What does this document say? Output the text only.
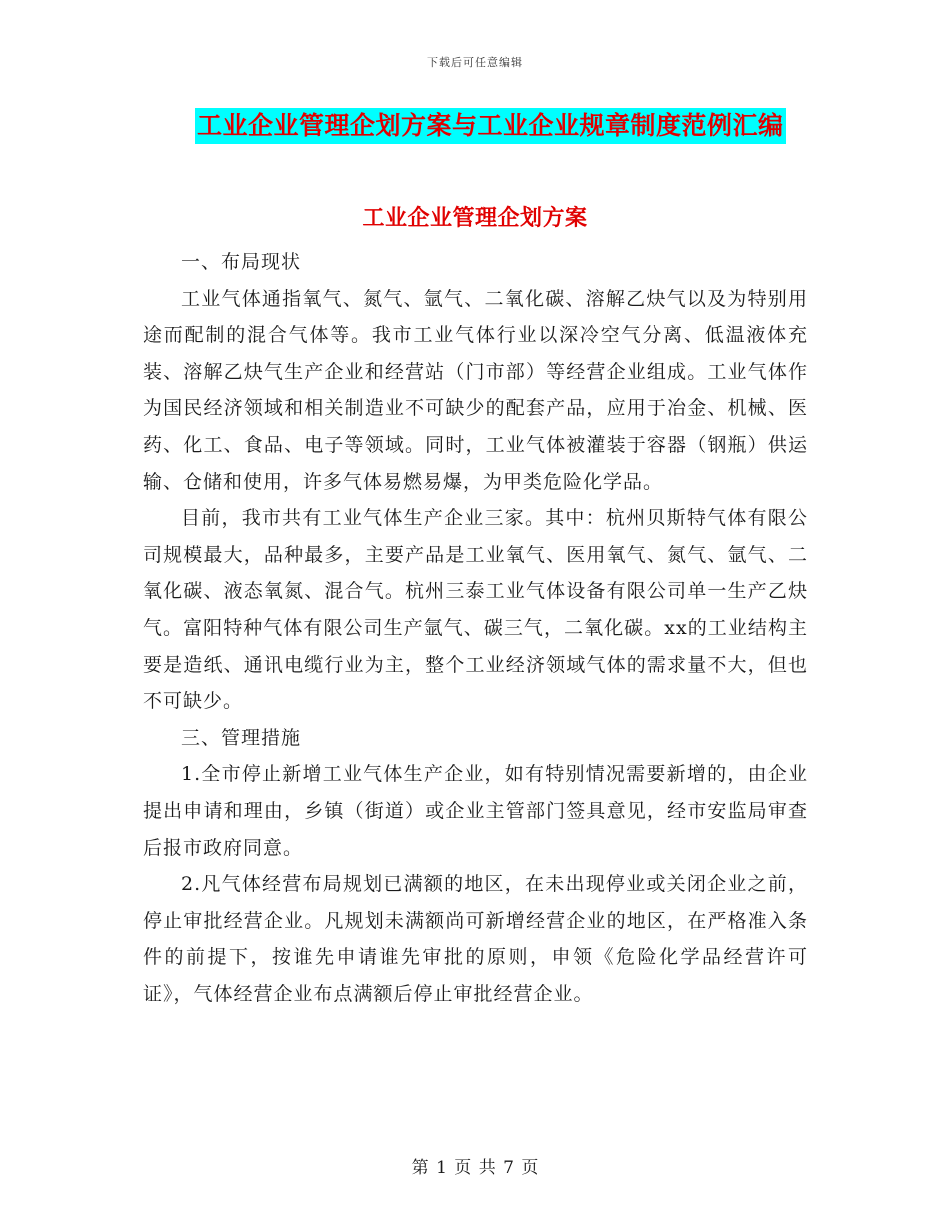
下载后可任意编辑
工业企业管理企划方案与工业企业规章制度范例汇编
工业企业管理企划方案

一、布局现状

工业气体通指氧气、氮气、氩气、二氧化碳、溶解乙炔气以及为特别用途而配制的混合气体等。我市工业气体行业以深冷空气分离、低温液体充装、溶解乙炔气生产企业和经营站（门市部）等经营企业组成。工业气体作为国民经济领域和相关制造业不可缺少的配套产品，应用于冶金、机械、医药、化工、食品、电子等领域。同时，工业气体被灌装于容器（钢瓶）供运输、仓储和使用，许多气体易燃易爆，为甲类危险化学品。

目前，我市共有工业气体生产企业三家。其中：杭州贝斯特气体有限公司规模最大，品种最多，主要产品是工业氧气、医用氧气、氮气、氩气、二氧化碳、液态氧氮、混合气。杭州三泰工业气体设备有限公司单一生产乙炔气。富阳特种气体有限公司生产氩气、碳三气，二氧化碳。xx的工业结构主要是造纸、通讯电缆行业为主，整个工业经济领域气体的需求量不大，但也不可缺少。

三、管理措施

1.全市停止新增工业气体生产企业，如有特别情况需要新增的，由企业提出申请和理由，乡镇（街道）或企业主管部门签具意见，经市安监局审查后报市政府同意。

2.凡气体经营布局规划已满额的地区，在未出现停业或关闭企业之前，停止审批经营企业。凡规划未满额尚可新增经营企业的地区，在严格准入条件的前提下，按谁先申请谁先审批的原则，申领《危险化学品经营许可证》，气体经营企业布点满额后停止审批经营企业。

第 1 页 共 7 页
